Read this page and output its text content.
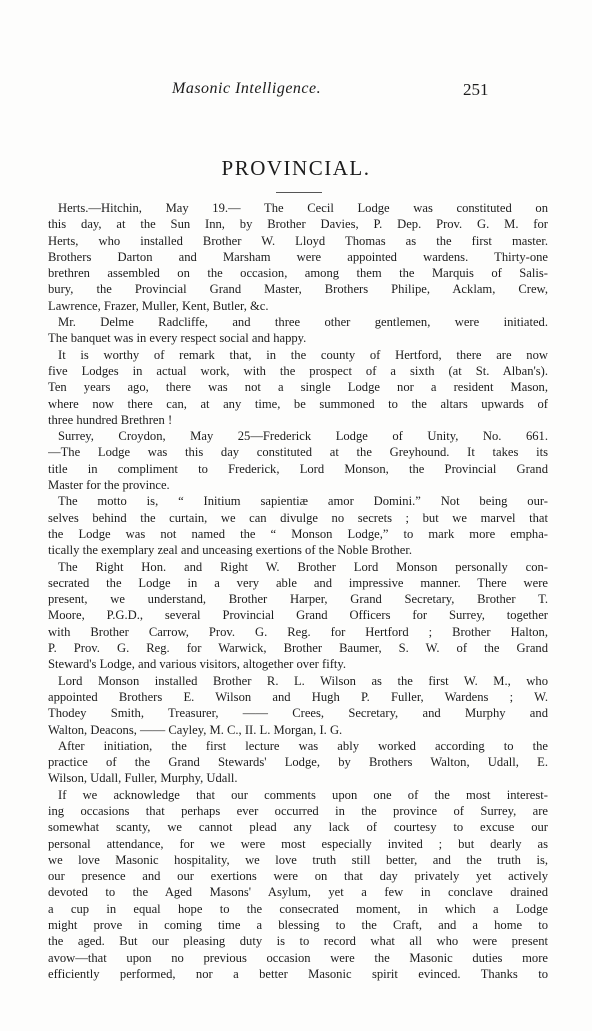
Masonic Intelligence.	251
PROVINCIAL.
Herts.—Hitchin, May 19.— The Cecil Lodge was constituted on
this day, at the Sun Inn, by Brother Davies, P. Dep. Prov. G. M. for
Herts, who installed Brother W. Lloyd Thomas as the first master.
Brothers Darton and Marsham were appointed wardens. Thirty-one
brethren assembled on the occasion, among them the Marquis of Salis-
bury, the Provincial Grand Master, Brothers Philipe, Acklam, Crew,
Lawrence, Frazer, Muller, Kent, Butler, &c.
Mr. Delme Radcliffe, and three other gentlemen, were initiated.
The banquet was in every respect social and happy.
It is worthy of remark that, in the county of Hertford, there are now
five Lodges in actual work, with the prospect of a sixth (at St. Alban's).
Ten years ago, there was not a single Lodge nor a resident Mason,
where now there can, at any time, be summoned to the altars upwards of
three hundred Brethren !
Surrey, Croydon, May 25—Frederick Lodge of Unity, No. 661.
—The Lodge was this day constituted at the Greyhound. It takes its
title in compliment to Frederick, Lord Monson, the Provincial Grand
Master for the province.
The motto is, “ Initium sapientiæ amor Domini.” Not being our-
selves behind the curtain, we can divulge no secrets ; but we marvel that
the Lodge was not named the “ Monson Lodge,” to mark more empha-
tically the exemplary zeal and unceasing exertions of the Noble Brother.
The Right Hon. and Right W. Brother Lord Monson personally con-
secrated the Lodge in a very able and impressive manner. There were
present, we understand, Brother Harper, Grand Secretary, Brother T.
Moore, P.G.D., several Provincial Grand Officers for Surrey, together
with Brother Carrow, Prov. G. Reg. for Hertford ; Brother Halton,
P. Prov. G. Reg. for Warwick, Brother Baumer, S. W. of the Grand
Steward's Lodge, and various visitors, altogether over fifty.
Lord Monson installed Brother R. L. Wilson as the first W. M., who
appointed Brothers E. Wilson and Hugh P. Fuller, Wardens ; W.
Thodey Smith, Treasurer, —— Crees, Secretary, and Murphy and
Walton, Deacons, —— Cayley, M. C., II. L. Morgan, I. G.
After initiation, the first lecture was ably worked according to the
practice of the Grand Stewards' Lodge, by Brothers Walton, Udall, E.
Wilson, Udall, Fuller, Murphy, Udall.
If we acknowledge that our comments upon one of the most interest-
ing occasions that perhaps ever occurred in the province of Surrey, are
somewhat scanty, we cannot plead any lack of courtesy to excuse our
personal attendance, for we were most especially invited ; but dearly as
we love Masonic hospitality, we love truth still better, and the truth is,
our presence and our exertions were on that day privately yet actively
devoted to the Aged Masons' Asylum, yet a few in conclave drained
a cup in equal hope to the consecrated moment, in which a Lodge
might prove in coming time a blessing to the Craft, and a home to
the aged. But our pleasing duty is to record what all who were present
avow—that upon no previous occasion were the Masonic duties more
efficiently performed, nor a better Masonic spirit evinced. Thanks to
